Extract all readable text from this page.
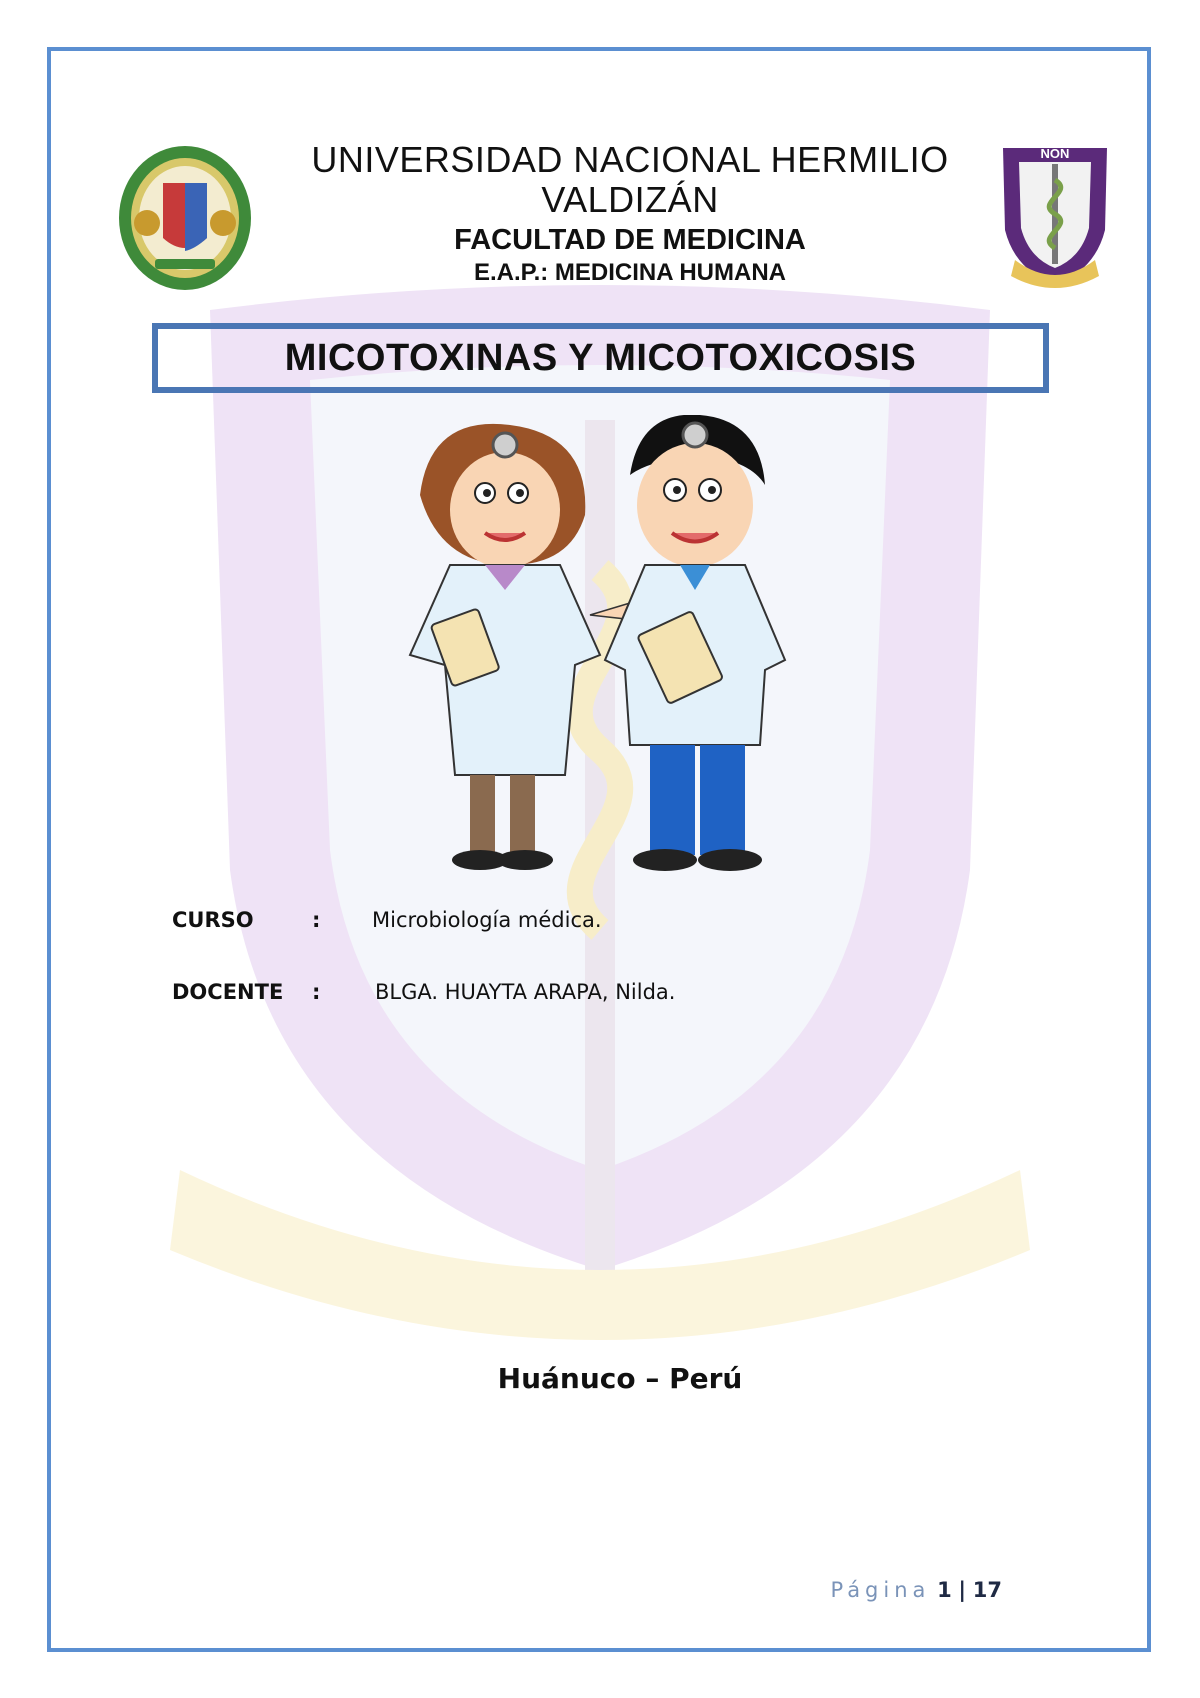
NON
UNIVERSIDAD NACIONAL HERMILIO VALDIZÁN
FACULTAD DE MEDICINA
E.A.P.: MEDICINA HUMANA
MICOTOXINAS Y MICOTOXICOSIS
CURSO	: Microbiología médica.
DOCENTE :	BLGA. HUAYTA ARAPA, Nilda.
Huánuco – Perú
Página 1 | 17
